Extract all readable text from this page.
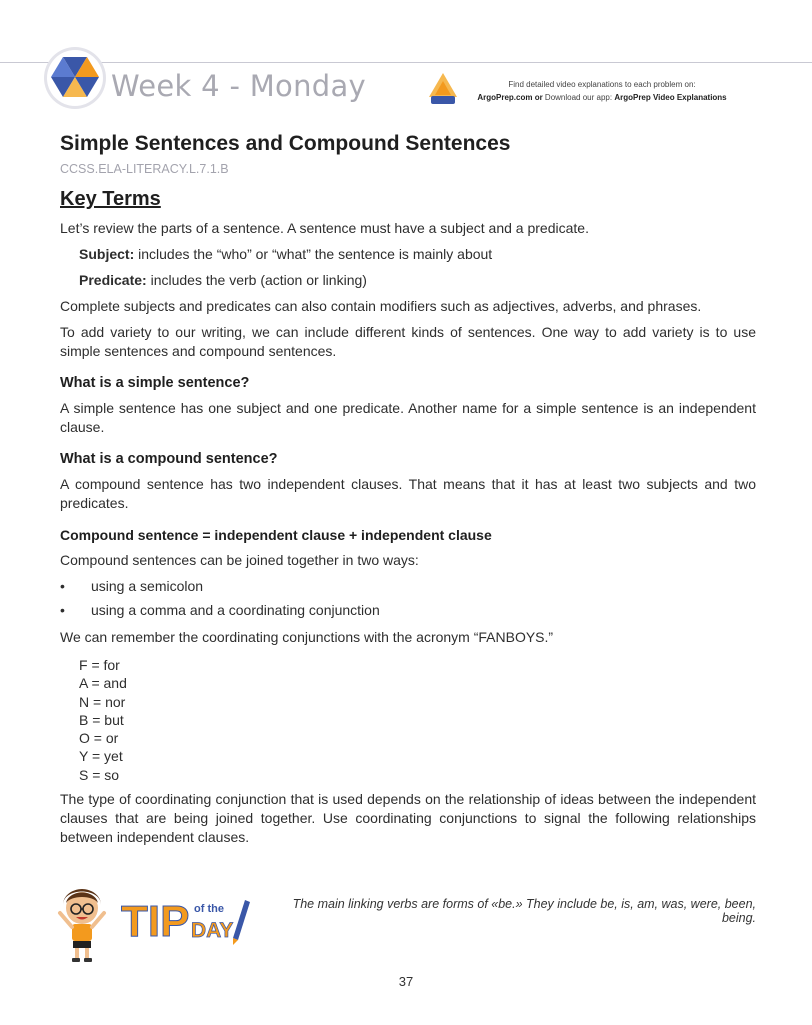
Week 4 - Monday	Find detailed video explanations to each problem on:
ArgoPrep.com or Download our app: ArgoPrep Video Explanations
Simple Sentences and Compound Sentences
CCSS.ELA-LITERACY.L.7.1.B
Key Terms

Let’s review the parts of a sentence. A sentence must have a subject and a predicate.

Subject: includes the “who” or “what” the sentence is mainly about

Predicate: includes the verb (action or linking)

Complete subjects and predicates can also contain modifiers such as adjectives, adverbs, and phrases.

To add variety to our writing, we can include different kinds of sentences. One way to add variety is to use simple sentences and compound sentences.

What is a simple sentence?

A simple sentence has one subject and one predicate. Another name for a simple sentence is an independent clause.

What is a compound sentence?

A compound sentence has two independent clauses. That means that it has at least two subjects and two predicates.

Compound sentence = independent clause + independent clause

Compound sentences can be joined together in two ways:

• using a semicolon
• using a comma and a coordinating conjunction

We can remember the coordinating conjunctions with the acronym “FANBOYS.”

F = for
A = and
N = nor
B = but
O = or
Y = yet
S = so

The type of coordinating conjunction that is used depends on the relationship of ideas between the independent clauses that are being joined together. Use coordinating conjunctions to signal the following relationships between independent clauses.

TIP of the
DAY
The main linking verbs are forms of «be.» They include be, is, am, was, were, been, being.
37
